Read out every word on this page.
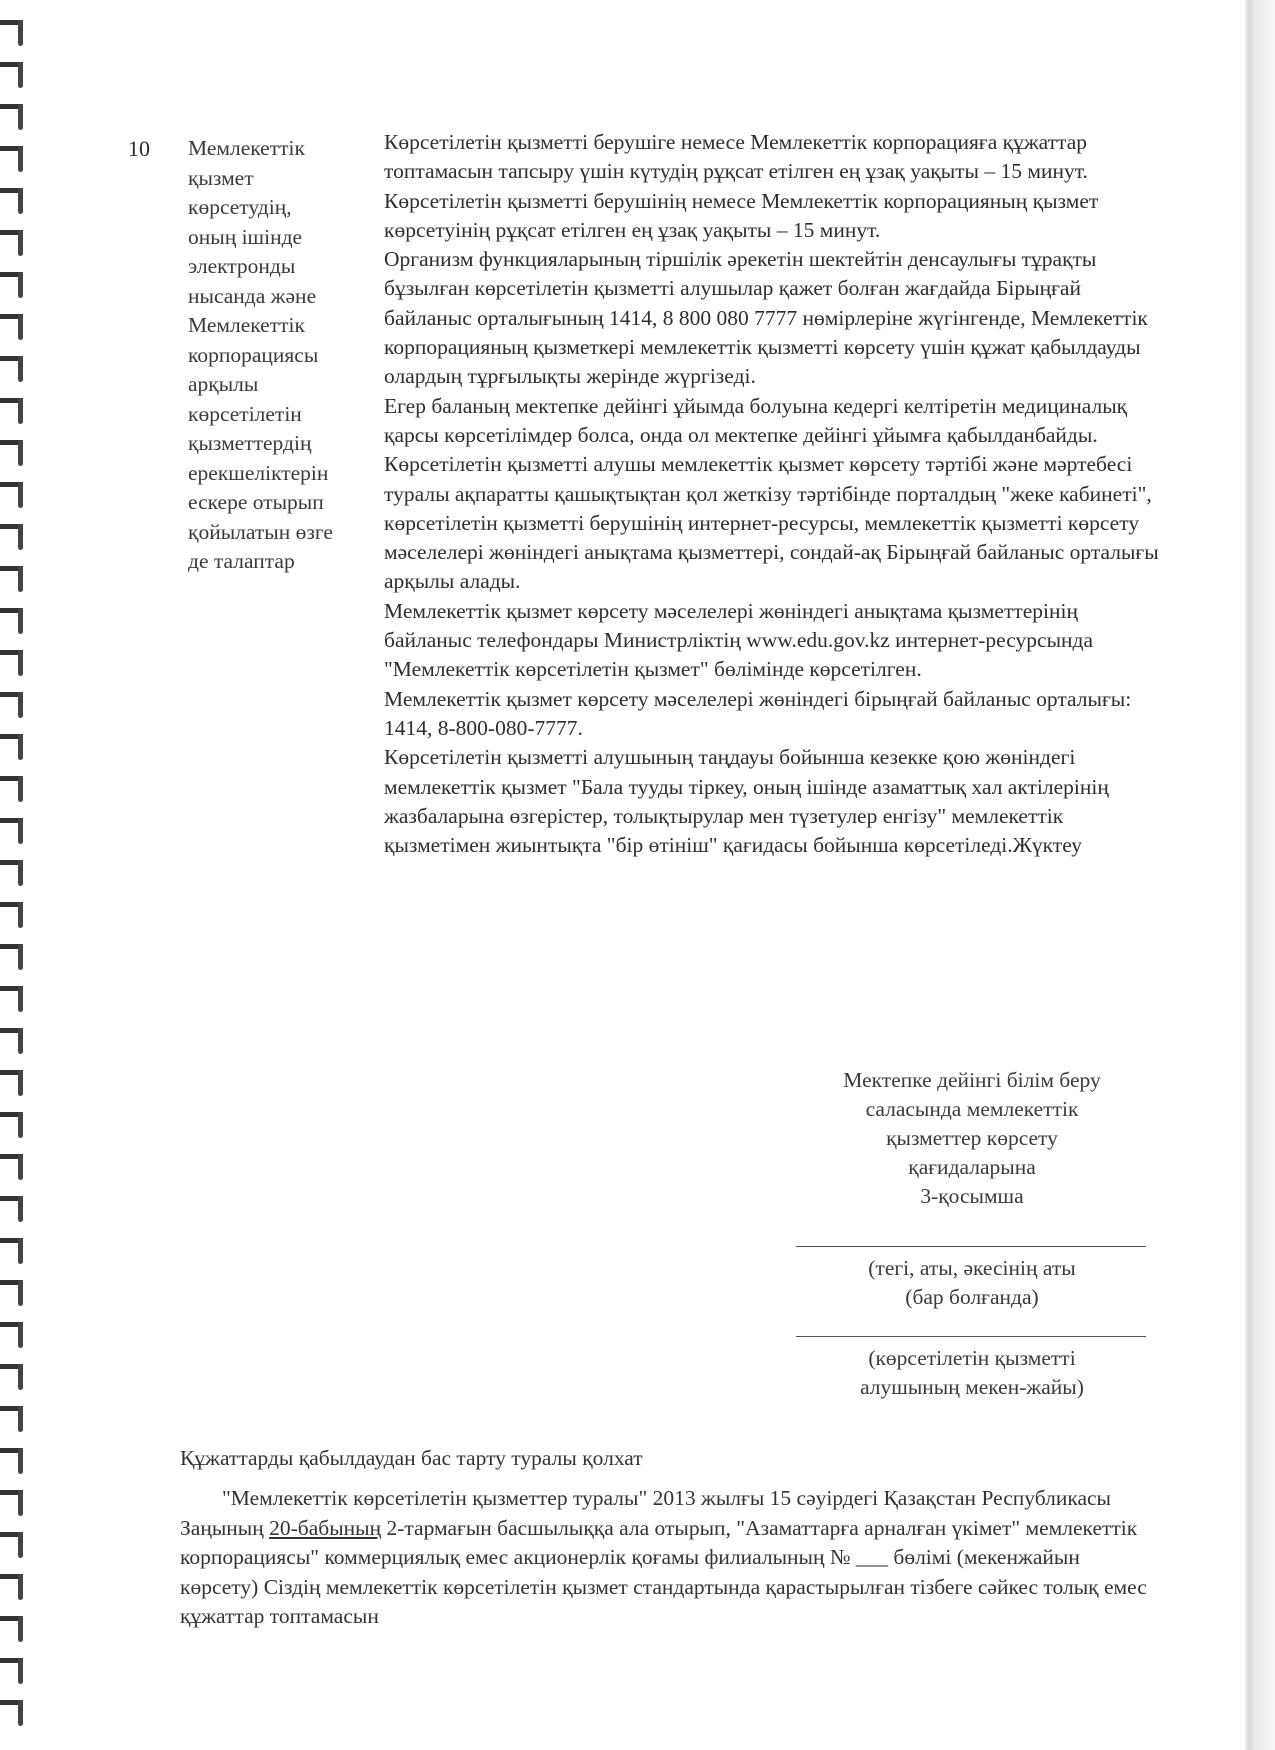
10 Мемлекеттік
қызмет
көрсетудің,
оның ішінде
электронды
нысанда және
Мемлекеттік
корпорациясы
арқылы
көрсетілетін
қызметтердің
ерекшеліктерін
ескере отырып
қойылатын өзге
де талаптар

Көрсетілетін қызметті берушіге немесе Мемлекеттік корпорацияға құжаттар топтамасын тапсыру үшін күтудің рұқсат етілген ең ұзақ уақыты – 15 минут.

Көрсетілетін қызметті берушінің немесе Мемлекеттік корпорацияның қызмет көрсетуінің рұқсат етілген ең ұзақ уақыты – 15 минут.

Организм функцияларының тіршілік әрекетін шектейтін денсаулығы тұрақты бұзылған көрсетілетін қызметті алушылар қажет болған жағдайда Бірыңғай байланыс орталығының 1414, 8 800 080 7777 нөмірлеріне жүгінгенде, Мемлекеттік корпорацияның қызметкері мемлекеттік қызметті көрсету үшін құжат қабылдауды олардың тұрғылықты жерінде жүргізеді.

Егер баланың мектепке дейінгі ұйымда болуына кедергі келтіретін медициналық қарсы көрсетілімдер болса, онда ол мектепке дейінгі ұйымға қабылданбайды.

Көрсетілетін қызметті алушы мемлекеттік қызмет көрсету тәртібі және мәртебесі туралы ақпаратты қашықтықтан қол жеткізу тәртібінде порталдың "жеке кабинеті", көрсетілетін қызметті берушінің интернет-ресурсы, мемлекеттік қызметті көрсету мәселелері жөніндегі анықтама қызметтері, сондай-ақ Бірыңғай байланыс орталығы арқылы алады.

Мемлекеттік қызмет көрсету мәселелері жөніндегі анықтама қызметтерінің байланыс телефондары Министрліктің www.edu.gov.kz интернет-ресурсында "Мемлекеттік көрсетілетін қызмет" бөлімінде көрсетілген.

Мемлекеттік қызмет көрсету мәселелері жөніндегі бірыңғай байланыс орталығы: 1414, 8-800-080-7777.

Көрсетілетін қызметті алушының таңдауы бойынша кезекке қою жөніндегі мемлекеттік қызмет "Бала тууды тіркеу, оның ішінде азаматтық хал актілерінің жазбаларына өзгерістер, толықтырулар мен түзетулер енгізу" мемлекеттік қызметімен жиынтықта "бір өтініш" қағидасы бойынша көрсетіледі.Жүктеу

Мектепке дейінгі білім беру
саласында мемлекеттік
қызметтер көрсету
қағидаларына
3-қосымша
(тегі, аты, әкесінің аты
(бар болғанда)
(көрсетілетін қызметті
алушының мекен-жайы)
Құжаттарды қабылдаудан бас тарту туралы қолхат

"Мемлекеттік көрсетілетін қызметтер туралы" 2013 жылғы 15 сәуірдегі Қазақстан Республикасы Заңының 20-бабының 2-тармағын басшылыққа ала отырып, "Азаматтарға арналған үкімет" мемлекеттік корпорациясы" коммерциялық емес акционерлік қоғамы филиалының № ___ бөлімі (мекенжайын көрсету) Сіздің мемлекеттік көрсетілетін қызмет стандартында қарастырылған тізбеге сәйкес толық емес құжаттар топтамасын
